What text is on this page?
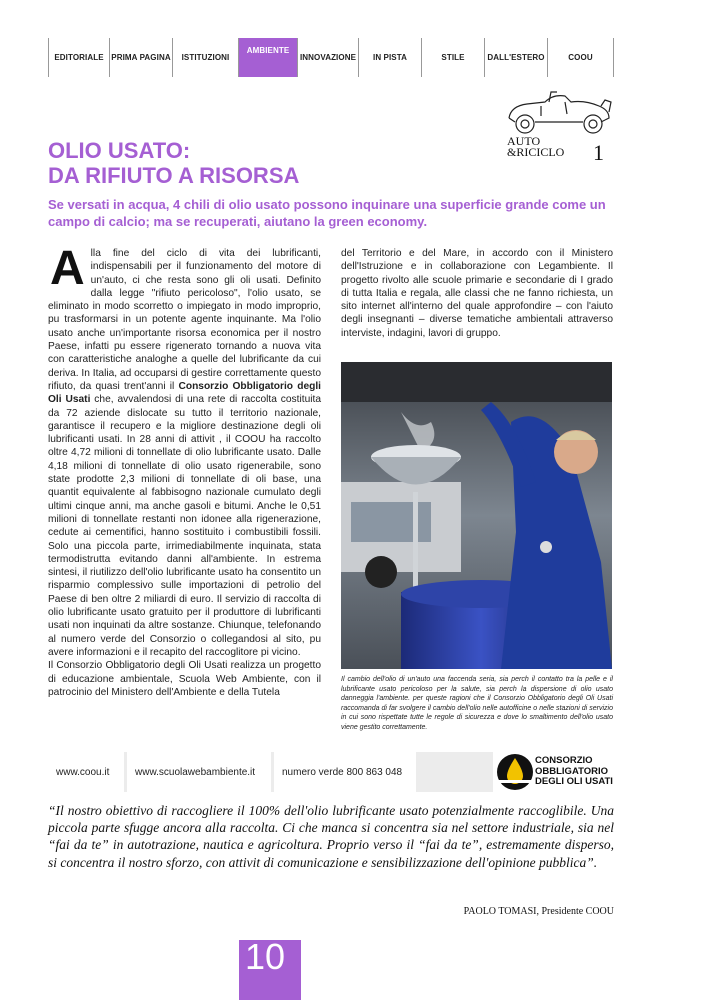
EDITORIALE PRIMA PAGINA	ISTITUZIONI
AMBIENTE
INNOVAZIONE	IN PISTA	STILE	DALL'ESTERO	COOU
AUTO
&RICICLO 1
OLIO USATO:
DA RIFIUTO A RISORSA

Se versati in acqua, 4 chili di olio usato possono inquinare una superficie grande come un campo di calcio; ma se recuperati, aiutano la green economy.

Alla fine del ciclo di vita dei lubrificanti, indispensabili per il funzionamento del motore di un'auto, ci che resta sono gli oli usati. Definito dalla legge "rifiuto pericoloso", l'olio usato, se eliminato in modo scorretto o impiegato in modo improprio, pu trasformarsi in un potente agente inquinante. Ma l'olio usato anche un'importante risorsa economica per il nostro Paese, infatti pu essere rigenerato tornando a nuova vita con caratteristiche analoghe a quelle del lubrificante da cui deriva. In Italia, ad occuparsi di gestire correttamente questo rifiuto, da quasi trent'anni il Consorzio Obbligatorio degli Oli Usati che, avvalendosi di una rete di raccolta costituita da 72 aziende dislocate su tutto il territorio nazionale, garantisce il recupero e la migliore destinazione degli oli lubrificanti usati. In 28 anni di attivit , il COOU ha raccolto oltre 4,72 milioni di tonnellate di olio lubrificante usato. Dalle 4,18 milioni di tonnellate di olio usato rigenerabile, sono state prodotte 2,3 milioni di tonnellate di oli base, una quantit equivalente al fabbisogno nazionale cumulato degli ultimi cinque anni, ma anche gasoli e bitumi. Anche le 0,51 milioni di tonnellate restanti non idonee alla rigenerazione, cedute ai cementifici, hanno sostituito i combustibili fossili. Solo una piccola parte, irrimediabilmente inquinata, stata termodistrutta evitando danni all'ambiente. In estrema sintesi, il riutilizzo dell'olio lubrificante usato ha consentito un risparmio complessivo sulle importazioni di petrolio del Paese di ben oltre 2 miliardi di euro. Il servizio di raccolta di olio lubrificante usato gratuito per il produttore di lubrificanti usati non inquinati da altre sostanze. Chiunque, telefonando al numero verde del Consorzio o collegandosi al sito, pu avere informazioni e il recapito del raccoglitore pi vicino.

Il Consorzio Obbligatorio degli Oli Usati realizza un progetto di educazione ambientale, Scuola Web Ambiente, con il patrocinio del Ministero dell'Ambiente e della Tutela

del Territorio e del Mare, in accordo con il Ministero dell'Istruzione e in collaborazione con Legambiente. Il progetto rivolto alle scuole primarie e secondarie di I grado di tutta Italia e regala, alle classi che ne fanno richiesta, un sito internet all'interno del quale approfondire – con l'aiuto degli insegnanti – diverse tematiche ambientali attraverso interviste, indagini, lavori di gruppo.

Il cambio dell'olio di un'auto una faccenda seria, sia perch il contatto tra la pelle e il lubrificante usato pericoloso per la salute, sia perch la dispersione di olio usato danneggia l'ambiente. per queste ragioni che il Consorzio Obbligatorio degli Oli Usati raccomanda di far svolgere il cambio dell'olio nelle autofficine o nelle stazioni di servizio in cui sono rispettate tutte le regole di sicurezza e dove lo smaltimento dell'olio usato viene gestito correttamente.

www.coou.it	www.scuolawebambiente.it	numero verde 800 863 048
CONSORZIO
OBBLIGATORIO
DEGLI OLI USATI

“Il nostro obiettivo di raccogliere il 100% dell'olio lubrificante usato potenzialmente raccoglibile. Una piccola parte sfugge ancora alla raccolta. Ci che manca si concentra sia nel settore industriale, sia nel “fai da te” in autotrazione, nautica e agricoltura. Proprio verso il “fai da te”, estremamente disperso, si concentra il nostro sforzo, con attivit di comunicazione e sensibilizzazione dell'opinione pubblica”.

PAOLO TOMASI, Presidente COOU

10
